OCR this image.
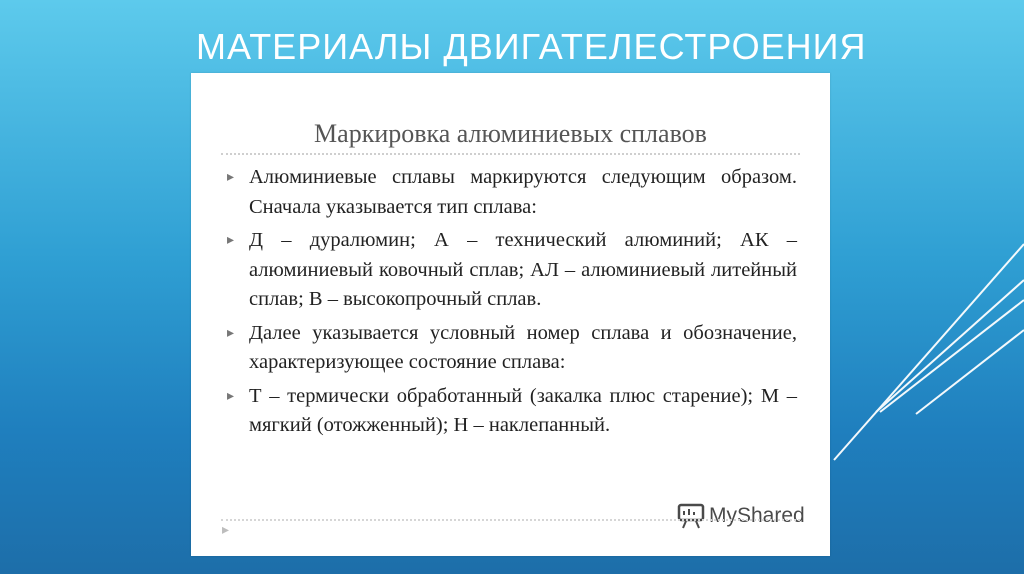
МАТЕРИАЛЫ ДВИГАТЕЛЕСТРОЕНИЯ
Маркировка алюминиевых сплавов
▸ Алюминиевые сплавы маркируются следующим образом. Сначала указывается тип сплава:
▸ Д – дуралюмин; А – технический алюминий; АК – алюминиевый ковочный сплав; АЛ – алюминиевый литейный сплав; В – высокопрочный сплав.
▸ Далее указывается условный номер сплава и обозначение, характеризующее состояние сплава:
▸ Т – термически обработанный (закалка плюс старение); М – мягкий (отожженный); Н – наклепанный.
MyShared
▸
